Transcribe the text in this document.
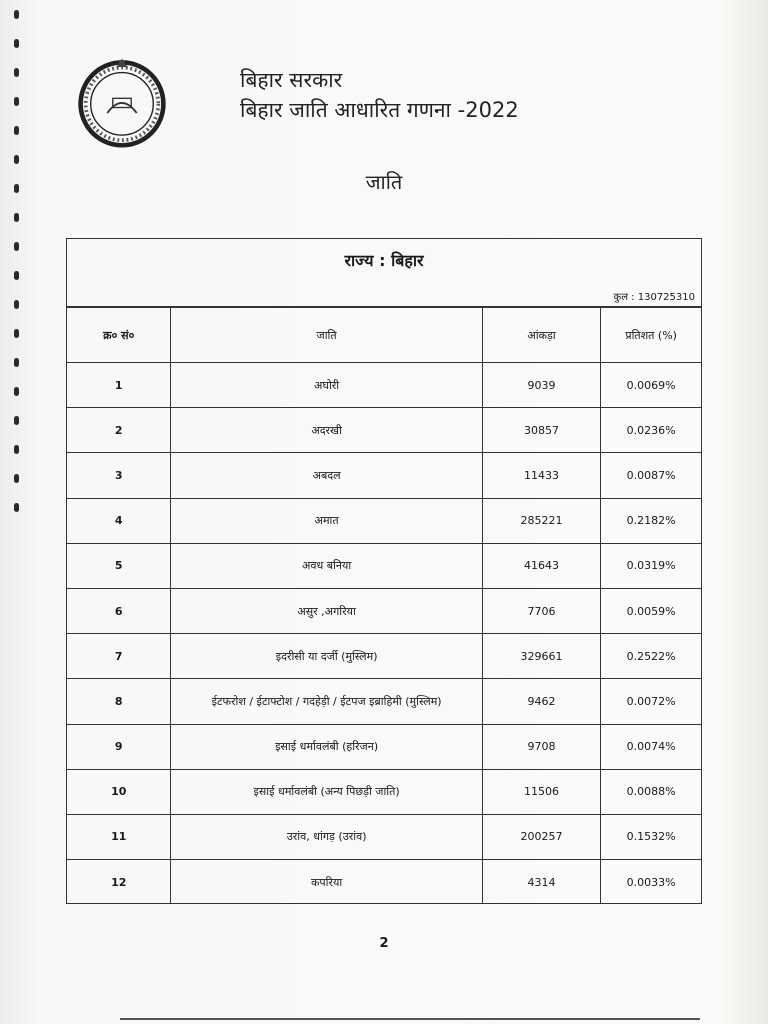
बिहार सरकार
बिहार जाति आधारित गणना -2022
जाति
राज्य : बिहार
कुल : 130725310
क्र० सं०	जाति	आंकड़ा	प्रतिशत (%)
1	अघोरी	9039	0.0069%
2	अदरखी	30857	0.0236%
3	अबदल	11433	0.0087%
4	अमात	285221	0.2182%
5	अवध बनिया	41643	0.0319%
6	असुर ,अगरिया	7706	0.0059%
7	इदरीसी या दर्जी (मुस्लिम)	329661	0.2522%
8	ईटफरोश / ईटाफ्टोश / गदहेड़ी / ईटपज इब्राहिमी (मुस्लिम)	9462	0.0072%
9	इसाई धर्मावलंबी (हरिजन)	9708	0.0074%
10	इसाई धर्मावलंबी (अन्य पिछड़ी जाति)	11506	0.0088%
11	उरांव, धांगड़ (उरांव)	200257	0.1532%
12	कपरिया	4314	0.0033%
2
